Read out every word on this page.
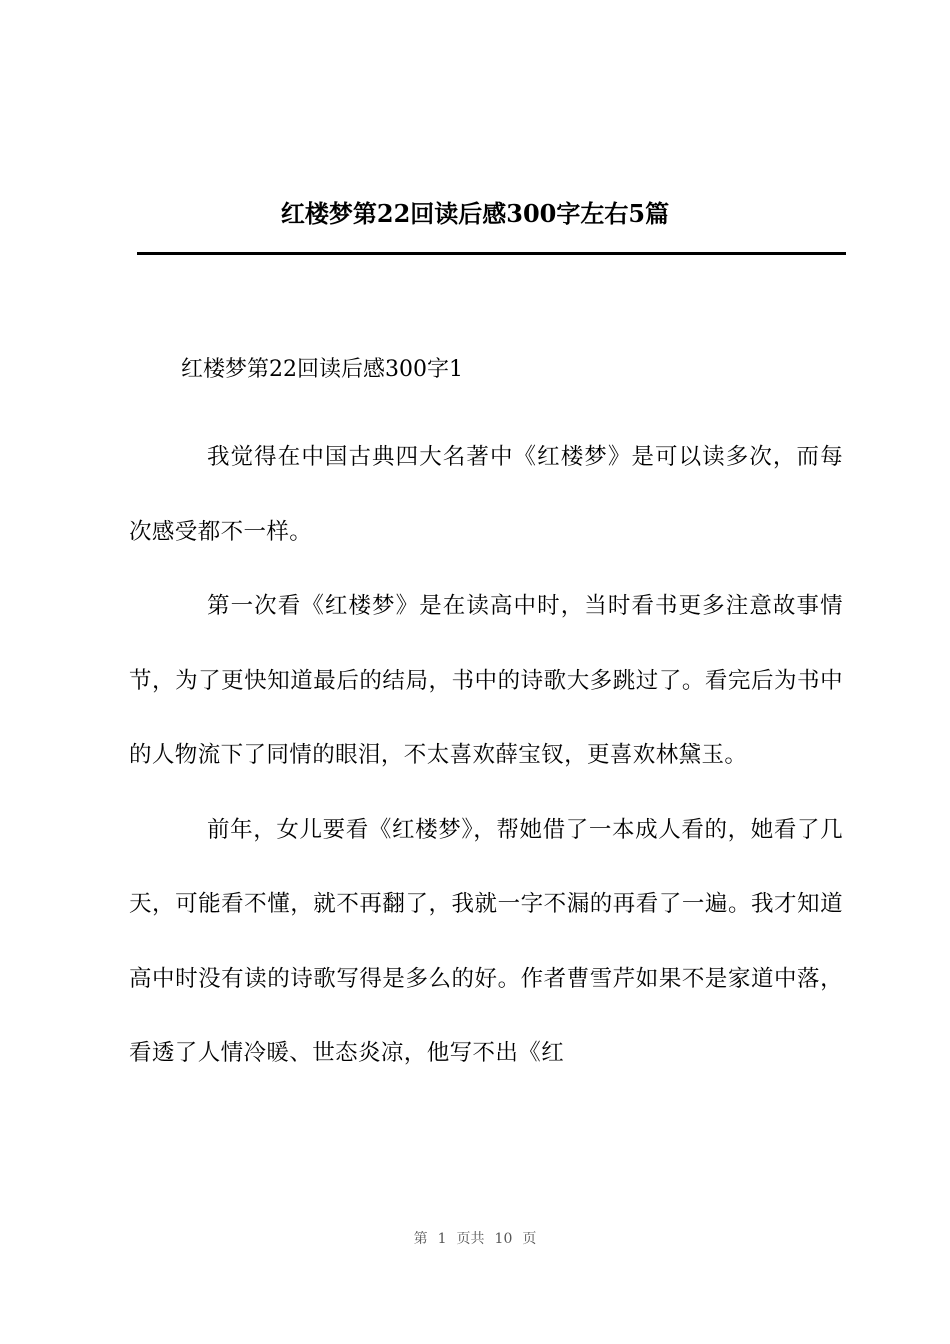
红楼梦第22回读后感300字左右5篇
红楼梦第22回读后感300字1

我觉得在中国古典四大名著中《红楼梦》是可以读多次，而每次感受都不一样。

第一次看《红楼梦》是在读高中时，当时看书更多注意故事情节，为了更快知道最后的结局，书中的诗歌大多跳过了。看完后为书中的人物流下了同情的眼泪，不太喜欢薛宝钗，更喜欢林黛玉。

前年，女儿要看《红楼梦》，帮她借了一本成人看的，她看了几天，可能看不懂，就不再翻了，我就一字不漏的再看了一遍。我才知道高中时没有读的诗歌写得是多么的好。作者曹雪芹如果不是家道中落，看透了人情冷暖、世态炎凉，他写不出《红

第 1 页共 10 页
